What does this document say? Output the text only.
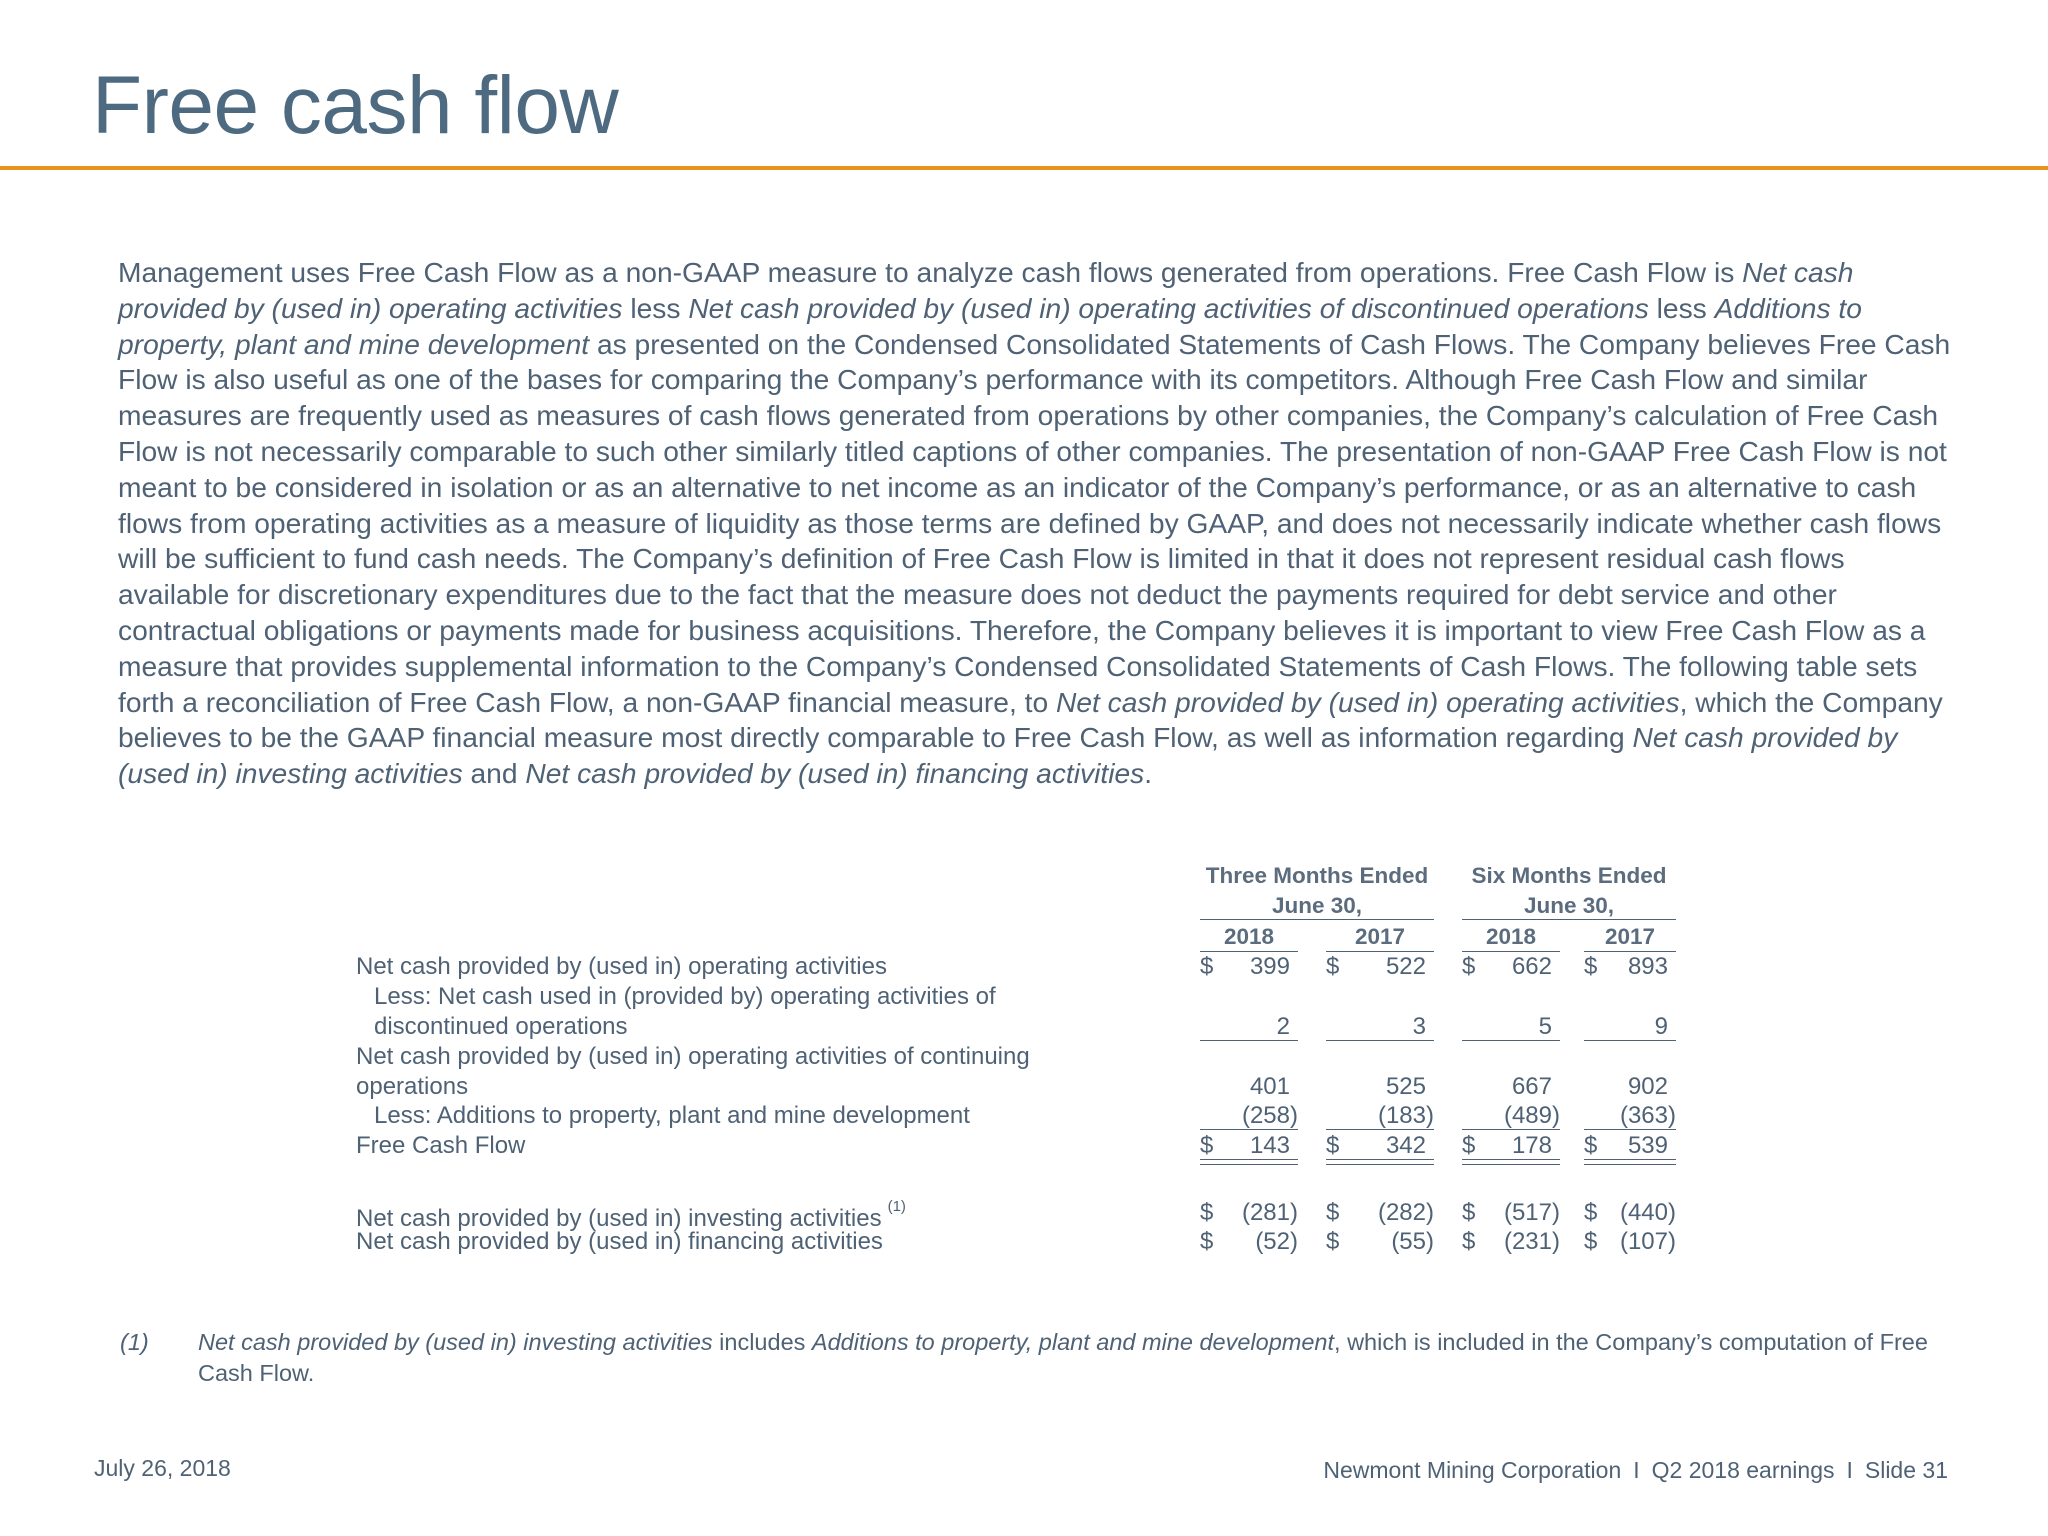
Free cash flow

Management uses Free Cash Flow as a non-GAAP measure to analyze cash flows generated from operations. Free Cash Flow is Net cash provided by (used in) operating activities less Net cash provided by (used in) operating activities of discontinued operations less Additions to property, plant and mine development as presented on the Condensed Consolidated Statements of Cash Flows. The Company believes Free Cash Flow is also useful as one of the bases for comparing the Company’s performance with its competitors. Although Free Cash Flow and similar measures are frequently used as measures of cash flows generated from operations by other companies, the Company’s calculation of Free Cash Flow is not necessarily comparable to such other similarly titled captions of other companies. The presentation of non-GAAP Free Cash Flow is not meant to be considered in isolation or as an alternative to net income as an indicator of the Company’s performance, or as an alternative to cash flows from operating activities as a measure of liquidity as those terms are defined by GAAP, and does not necessarily indicate whether cash flows will be sufficient to fund cash needs. The Company’s definition of Free Cash Flow is limited in that it does not represent residual cash flows available for discretionary expenditures due to the fact that the measure does not deduct the payments required for debt service and other contractual obligations or payments made for business acquisitions. Therefore, the Company believes it is important to view Free Cash Flow as a measure that provides supplemental information to the Company’s Condensed Consolidated Statements of Cash Flows. The following table sets forth a reconciliation of Free Cash Flow, a non-GAAP financial measure, to Net cash provided by (used in) operating activities, which the Company believes to be the GAAP financial measure most directly comparable to Free Cash Flow, as well as information regarding Net cash provided by (used in) investing activities and Net cash provided by (used in) financing activities.

Three Months Ended
June 30,
Six Months Ended
June 30,
2018	2017	2018	2017
Net cash provided by (used in) operating activities	$	399 $	522 $	662 $	893
Less: Net cash used in (provided by) operating activities of
discontinued operations	2	3	5	9
Net cash provided by (used in) operating activities of continuing
operations	401	525	667	902
Less: Additions to property, plant and mine development	(258)	(183)	(489)	(363)
Free Cash Flow	$	143 $	342 $	178 $	539
Net cash provided by (used in) investing activities $^{(1)}$	$	(281) $	(282) $	(517) $ (440)
Net cash provided by (used in) financing activities	$	(52) $	(55) $	(231) $ (107)
(1) Net cash provided by (used in) investing activities includes Additions to property, plant and mine development, which is included in the Company’s computation of Free Cash Flow.
July 26, 2018	Newmont Mining Corporation I Q2 2018 earnings I Slide 31
